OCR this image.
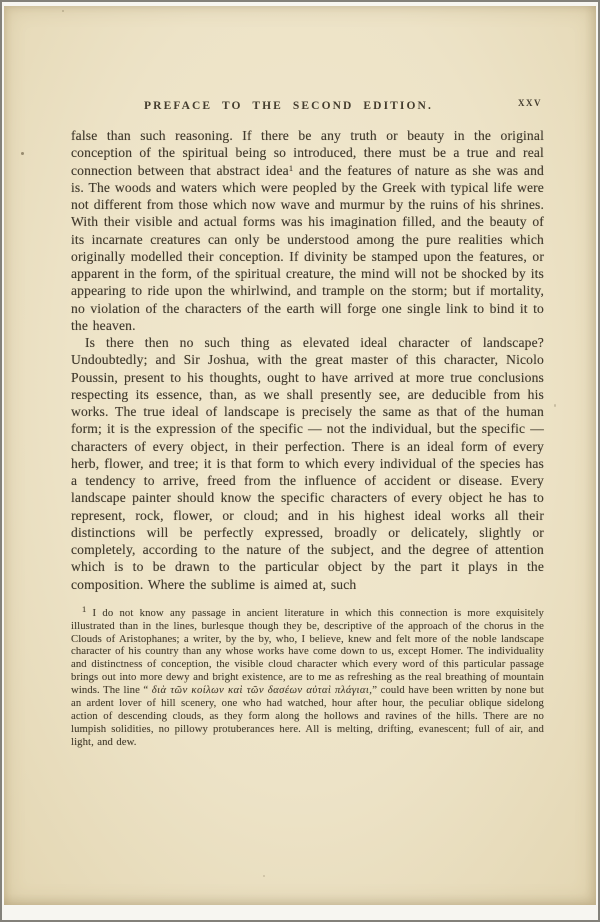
PREFACE TO THE SECOND EDITION.	xxv

false than such reasoning. If there be any truth or beauty in the original conception of the spiritual being so introduced, there must be a true and real connection between that abstract idea$^1$ and the features of nature as she was and is. The woods and waters which were peopled by the Greek with typical life were not different from those which now wave and murmur by the ruins of his shrines. With their visible and actual forms was his imagination filled, and the beauty of its incarnate creatures can only be understood among the pure realities which originally modelled their conception. If divinity be stamped upon the features, or apparent in the form, of the spiritual creature, the mind will not be shocked by its appearing to ride upon the whirlwind, and trample on the storm; but if mortality, no violation of the characters of the earth will forge one single link to bind it to the heaven.

Is there then no such thing as elevated ideal character of landscape? Undoubtedly; and Sir Joshua, with the great master of this character, Nicolo Poussin, present to his thoughts, ought to have arrived at more true conclusions respecting its essence, than, as we shall presently see, are deducible from his works. The true ideal of landscape is precisely the same as that of the human form; it is the expression of the specific — not the individual, but the specific — characters of every object, in their perfection. There is an ideal form of every herb, flower, and tree; it is that form to which every individual of the species has a tendency to arrive, freed from the influence of accident or disease. Every landscape painter should know the specific characters of every object he has to represent, rock, flower, or cloud; and in his highest ideal works all their distinctions will be perfectly expressed, broadly or delicately, slightly or completely, according to the nature of the subject, and the degree of attention which is to be drawn to the particular object by the part it plays in the composition. Where the sublime is aimed at, such

$^1$ I do not know any passage in ancient literature in which this connection is more exquisitely illustrated than in the lines, burlesque though they be, descriptive of the approach of the chorus in the Clouds of Aristophanes; a writer, by the by, who, I believe, knew and felt more of the noble landscape character of his country than any whose works have come down to us, except Homer. The individuality and distinctness of conception, the visible cloud character which every word of this particular passage brings out into more dewy and bright existence, are to me as refreshing as the real breathing of mountain winds. The line “ διὰ τῶν κοίλων καὶ τῶν δασέων αὐταὶ πλάγιαι,” could have been written by none but an ardent lover of hill scenery, one who had watched, hour after hour, the peculiar oblique sidelong action of descending clouds, as they form along the hollows and ravines of the hills. There are no lumpish solidities, no pillowy protuberances here. All is melting, drifting, evanescent; full of air, and light, and dew.
